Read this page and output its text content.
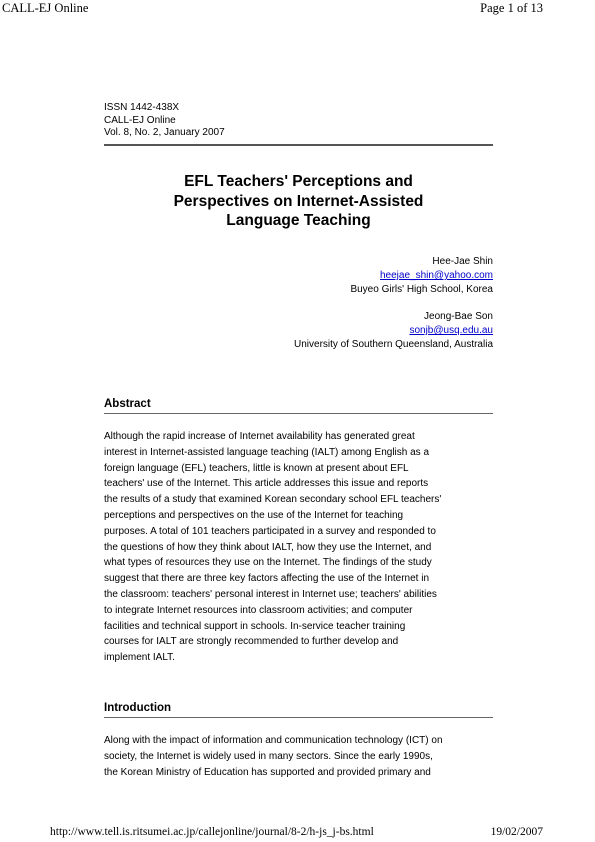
CALL-EJ Online	Page 1 of 13
ISSN 1442-438X
CALL-EJ Online
Vol. 8, No. 2, January 2007
EFL Teachers' Perceptions and
Perspectives on Internet-Assisted
Language Teaching
Hee-Jae Shin
heejae_shin@yahoo.com
Buyeo Girls' High School, Korea
Jeong-Bae Son
sonjb@usq.edu.au
University of Southern Queensland, Australia
Abstract
Although the rapid increase of Internet availability has generated great
interest in Internet-assisted language teaching (IALT) among English as a
foreign language (EFL) teachers, little is known at present about EFL
teachers' use of the Internet. This article addresses this issue and reports
the results of a study that examined Korean secondary school EFL teachers'
perceptions and perspectives on the use of the Internet for teaching
purposes. A total of 101 teachers participated in a survey and responded to
the questions of how they think about IALT, how they use the Internet, and
what types of resources they use on the Internet. The findings of the study
suggest that there are three key factors affecting the use of the Internet in
the classroom: teachers' personal interest in Internet use; teachers' abilities
to integrate Internet resources into classroom activities; and computer
facilities and technical support in schools. In-service teacher training
courses for IALT are strongly recommended to further develop and
implement IALT.
Introduction
Along with the impact of information and communication technology (ICT) on
society, the Internet is widely used in many sectors. Since the early 1990s,
the Korean Ministry of Education has supported and provided primary and
http://www.tell.is.ritsumei.ac.jp/callejonline/journal/8-2/h-js_j-bs.html	19/02/2007
